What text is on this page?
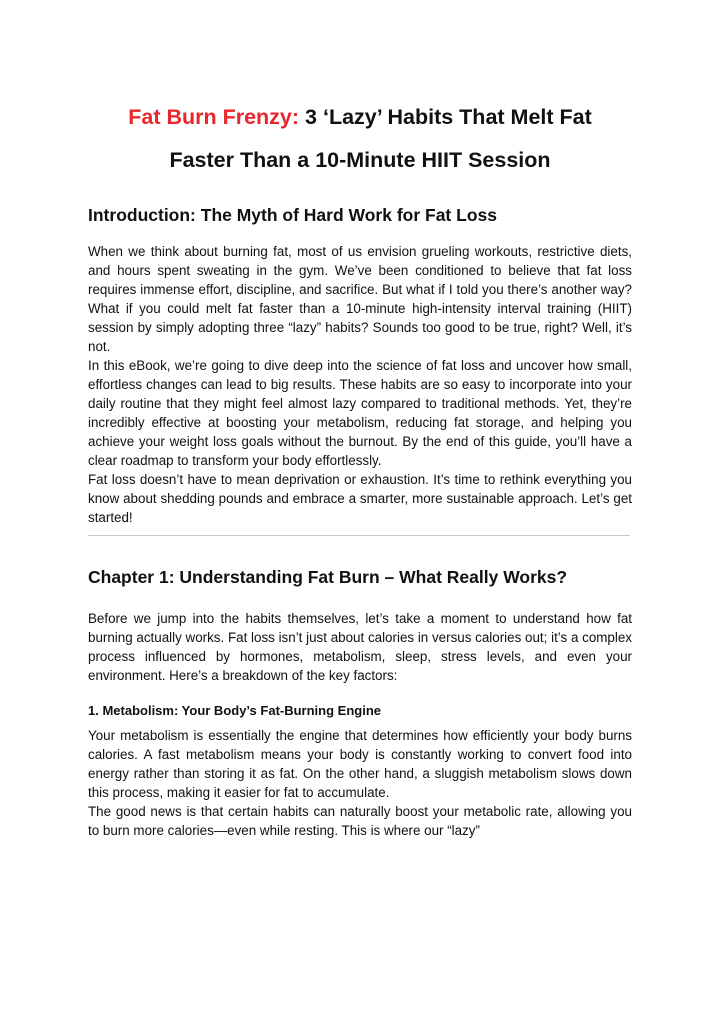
Fat Burn Frenzy: 3 ‘Lazy’ Habits That Melt Fat
Faster Than a 10-Minute HIIT Session
Introduction: The Myth of Hard Work for Fat Loss

When we think about burning fat, most of us envision grueling workouts, restrictive diets, and hours spent sweating in the gym. We’ve been conditioned to believe that fat loss requires immense effort, discipline, and sacrifice. But what if I told you there’s another way? What if you could melt fat faster than a 10-minute high-intensity interval training (HIIT) session by simply adopting three “lazy” habits? Sounds too good to be true, right? Well, it’s not.

In this eBook, we’re going to dive deep into the science of fat loss and uncover how small, effortless changes can lead to big results. These habits are so easy to incorporate into your daily routine that they might feel almost lazy compared to traditional methods. Yet, they’re incredibly effective at boosting your metabolism, reducing fat storage, and helping you achieve your weight loss goals without the burnout. By the end of this guide, you’ll have a clear roadmap to transform your body effortlessly.

Fat loss doesn’t have to mean deprivation or exhaustion. It’s time to rethink everything you know about shedding pounds and embrace a smarter, more sustainable approach. Let’s get started!

Chapter 1: Understanding Fat Burn – What Really Works?

Before we jump into the habits themselves, let’s take a moment to understand how fat burning actually works. Fat loss isn’t just about calories in versus calories out; it’s a complex process influenced by hormones, metabolism, sleep, stress levels, and even your environment. Here’s a breakdown of the key factors:

1. Metabolism: Your Body’s Fat-Burning Engine

Your metabolism is essentially the engine that determines how efficiently your body burns calories. A fast metabolism means your body is constantly working to convert food into energy rather than storing it as fat. On the other hand, a sluggish metabolism slows down this process, making it easier for fat to accumulate.

The good news is that certain habits can naturally boost your metabolic rate, allowing you to burn more calories—even while resting. This is where our “lazy”
